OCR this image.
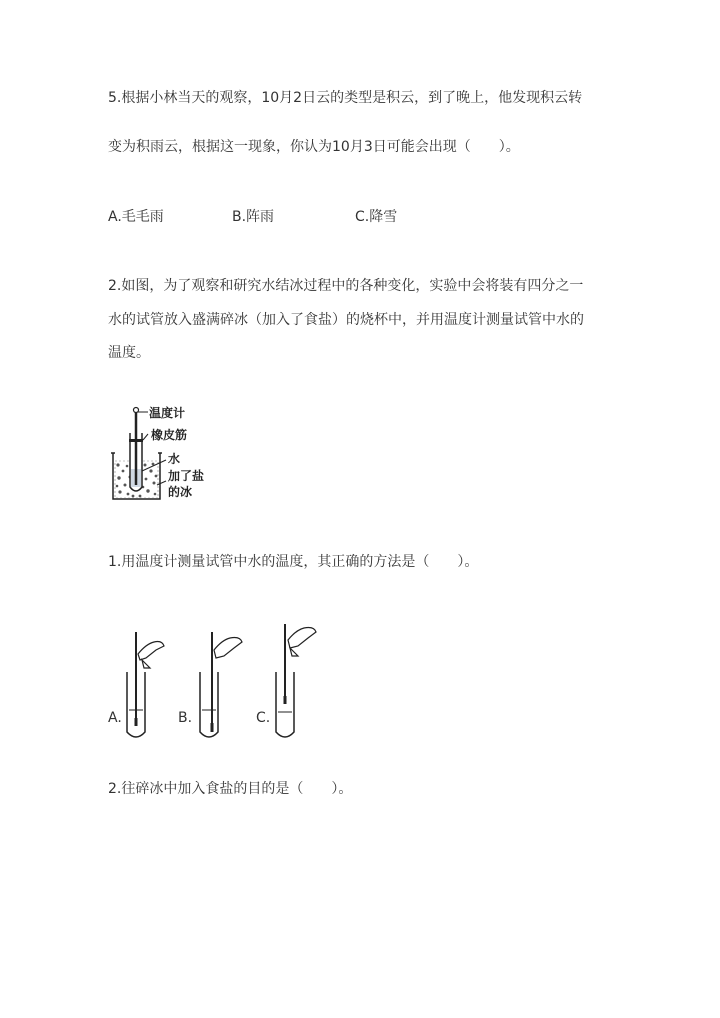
5.根据小林当天的观察，10月2日云的类型是积云，到了晚上，他发现积云转
变为积雨云，根据这一现象，你认为10月3日可能会出现（　　）。
A.毛毛雨	B.阵雨	C.降雪
2.如图，为了观察和研究水结冰过程中的各种变化，实验中会将装有四分之一
水的试管放入盛满碎冰（加入了食盐）的烧杯中，并用温度计测量试管中水的
温度。
温度计
橡皮筋
水
加了盐
的冰
1.用温度计测量试管中水的温度，其正确的方法是（　　）。
A.	B.	C.
2.往碎冰中加入食盐的目的是（　　）。
